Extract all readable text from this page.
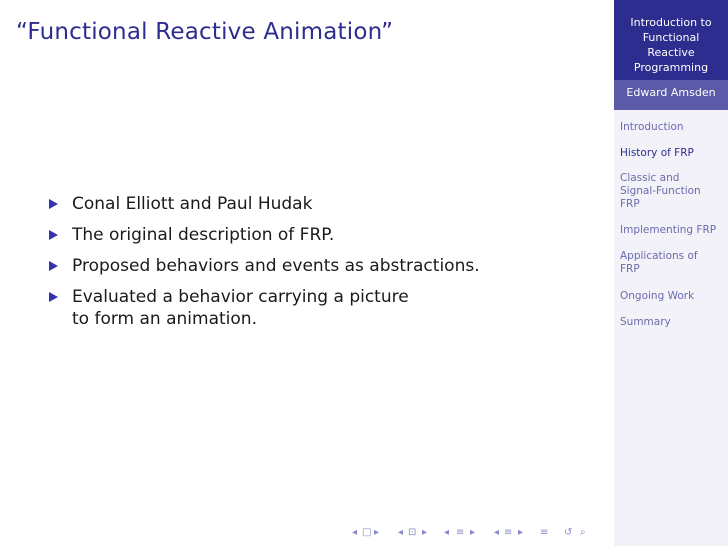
“Functional Reactive Animation”
Conal Elliott and Paul Hudak
The original description of FRP.
Proposed behaviors and events as abstractions.
Evaluated a behavior carrying a picture
to form an animation.
Introduction to
Functional
Reactive
Programming
Edward Amsden
Introduction
History of FRP
Classic and
Signal-Function
FRP
Implementing FRP
Applications of
FRP
Ongoing Work
Summary
◂ □ ▸ ◂ ⊡ ▸ ◂ ≡ ▸ ◂ ≡ ▸ ≡ ↺ ⌕
